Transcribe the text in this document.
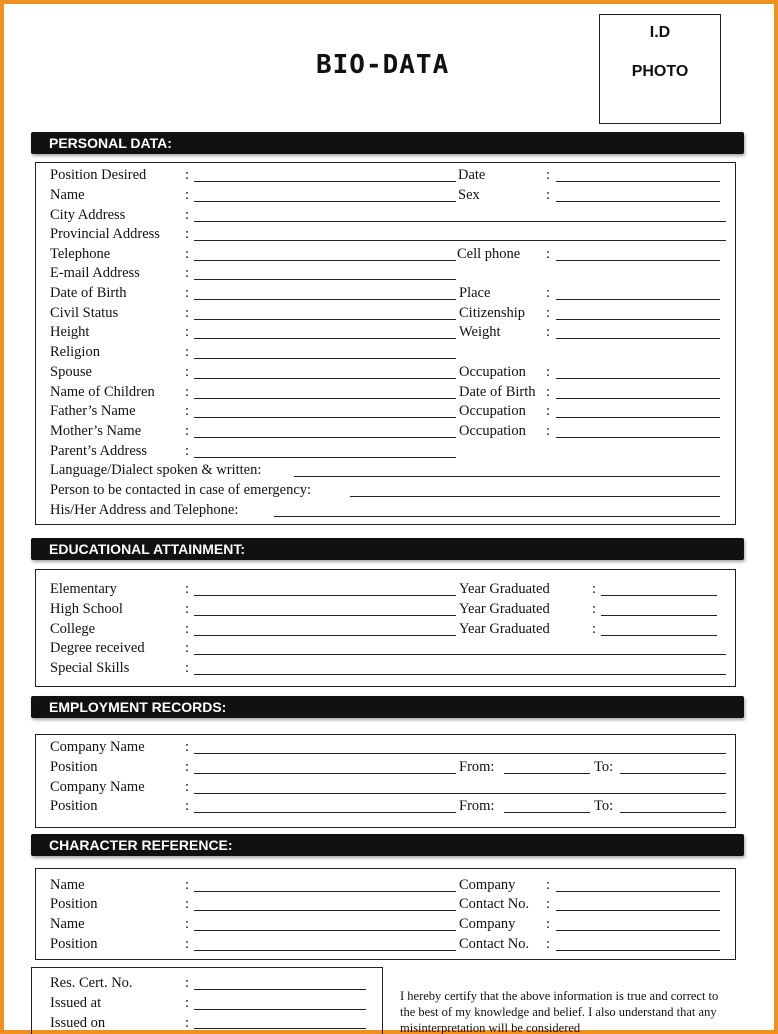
BIO-DATA
I.D
PHOTO
PERSONAL DATA:
Position Desired	:	Date	:
Name	:	Sex	:
City Address	:
Provincial Address :
Telephone	:	Cell phone :
E-mail Address	:
Date of Birth	:	Place	:
Civil Status	:	Citizenship :
Height	:	Weight	:
Religion	:
Spouse	:	Occupation :
Name of Children :	Date of Birth :
Father’s Name	:	Occupation :
Mother’s Name	:	Occupation :
Parent’s Address	:
Language/Dialect spoken & written:
Person to be contacted in case of emergency:
His/Her Address and Telephone:
EDUCATIONAL ATTAINMENT:
Elementary	:	Year Graduated	:
High School	:	Year Graduated	:
College	:	Year Graduated	:
Degree received	:
Special Skills	:
EMPLOYMENT RECORDS:
Company Name	:
Position	:	From:	To:
Company Name	:
Position	:	From:	To:
CHARACTER REFERENCE:
Name	:	Company :
Position	:	Contact No. :
Name	:	Company :
Position	:	Contact No. :
Res. Cert. No.	:
Issued at	:
Issued on	:
I hereby certify that the above information is true and correct to the best of my knowledge and belief. I also understand that any misinterpretation will be considered
